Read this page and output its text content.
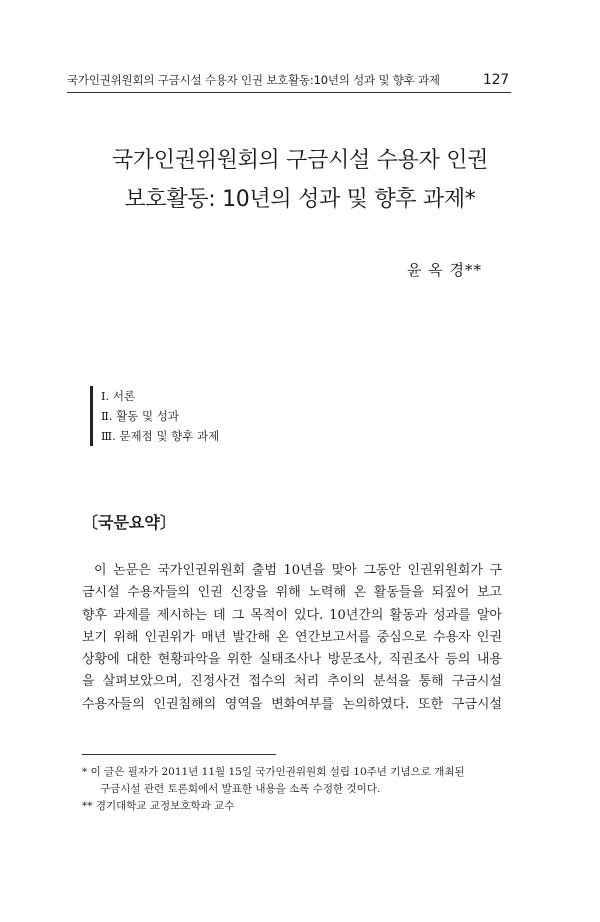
국가인권위원회의 구금시설 수용자 인권 보호활동:10년의 성과 및 향후 과제	127
국가인권위원회의 구금시설 수용자 인권
보호활동: 10년의 성과 및 향후 과제*
윤 옥 경**
Ⅰ. 서론
Ⅱ. 활동 및 성과
Ⅲ. 문제점 및 향후 과제
〔국문요약〕
이 논문은 국가인권위원회 출범 10년을 맞아 그동안 인권위원회가 구
금시설 수용자들의 인권 신장을 위해 노력해 온 활동들을 되짚어 보고
향후 과제를 제시하는 데 그 목적이 있다. 10년간의 활동과 성과를 알아
보기 위해 인권위가 매년 발간해 온 연간보고서를 중심으로 수용자 인권
상황에 대한 현황파악을 위한 실태조사나 방문조사, 직권조사 등의 내용
을 살펴보았으며, 진정사건 접수의 처리 추이의 분석을 통해 구금시설
수용자들의 인권침해의 영역을 변화여부를 논의하였다. 또한 구금시설
* 이 글은 필자가 2011년 11월 15일 국가인권위원회 설립 10주년 기념으로 개최된
구금시설 관련 토론회에서 발표한 내용을 소폭 수정한 것이다.
** 경기대학교 교정보호학과 교수
